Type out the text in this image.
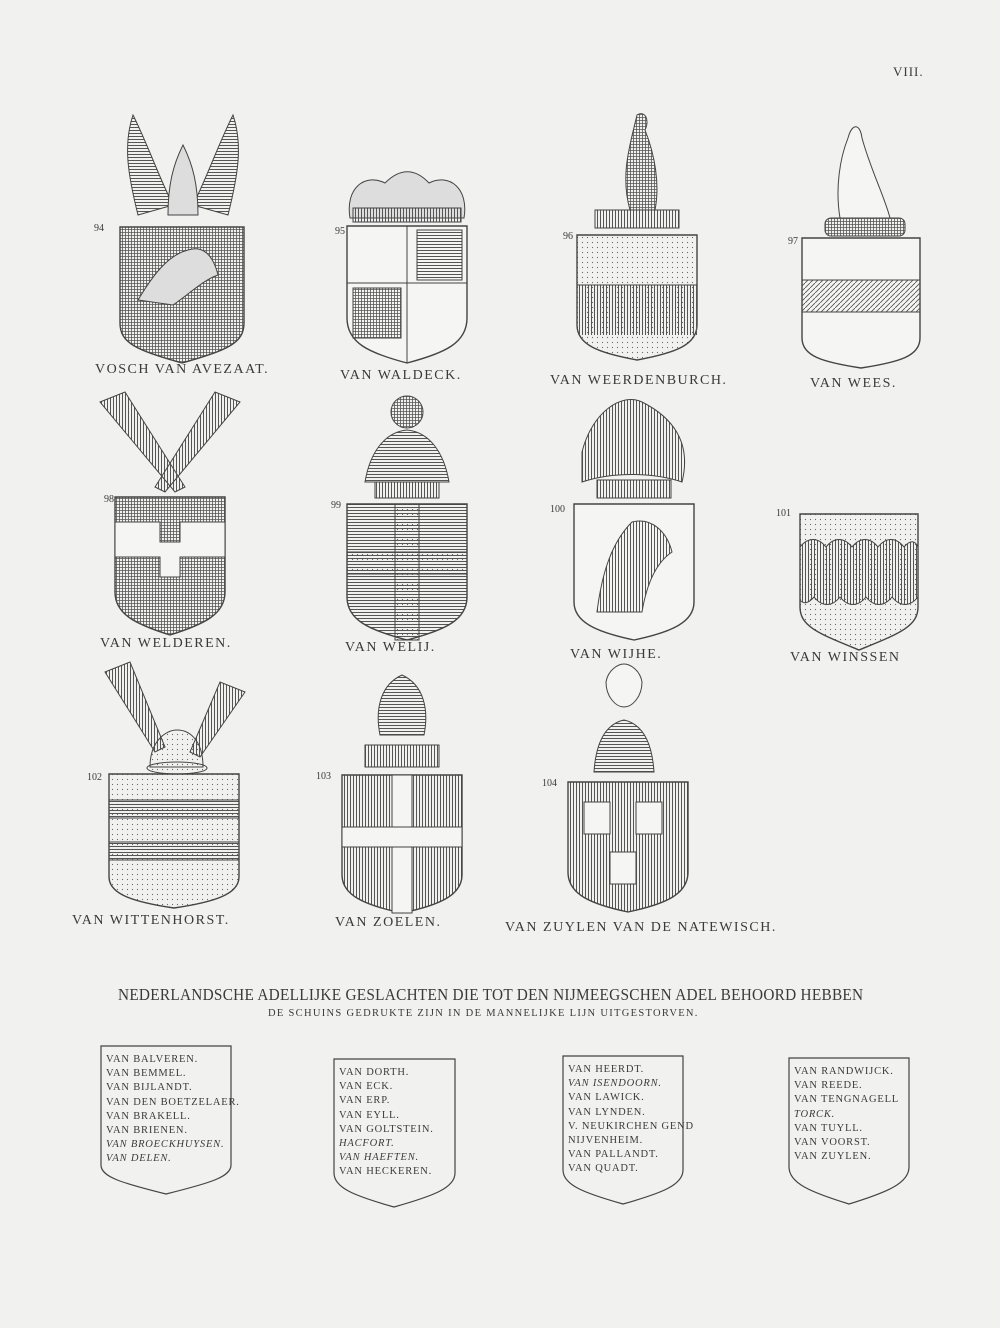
VIII.
94
VOSCH VAN AVEZAAT.
95
VAN WALDECK.
96
VAN WEERDENBURCH.
97
VAN WEES.
98
VAN WELDEREN.
99
VAN WELIJ.
100
VAN WIJHE.
101
VAN WINSSEN
102
VAN WITTENHORST.
103
VAN ZOELEN.
104
VAN ZUYLEN VAN DE NATEWISCH.
NEDERLANDSCHE ADELLIJKE GESLACHTEN DIE TOT DEN NIJMEEGSCHEN ADEL BEHOORD HEBBEN
DE SCHUINS GEDRUKTE ZIJN IN DE MANNELIJKE LIJN UITGESTORVEN.
VAN BALVEREN.
VAN BEMMEL.
VAN BIJLANDT.
VAN DEN BOETZELAER.
VAN BRAKELL.
VAN BRIENEN.
VAN BROECKHUYSEN.
VAN DELEN.
VAN DORTH.
VAN ECK.
VAN ERP.
VAN EYLL.
VAN GOLTSTEIN.
HACFORT.
VAN HAEFTEN.
VAN HECKEREN.
VAN HEERDT.
VAN ISENDOORN.
VAN LAWICK.
VAN LYNDEN.
V. NEUKIRCHEN GEND
NIJVENHEIM.
VAN PALLANDT.
VAN QUADT.
VAN RANDWIJCK.
VAN REEDE.
VAN TENGNAGELL
TORCK.
VAN TUYLL.
VAN VOORST.
VAN ZUYLEN.
